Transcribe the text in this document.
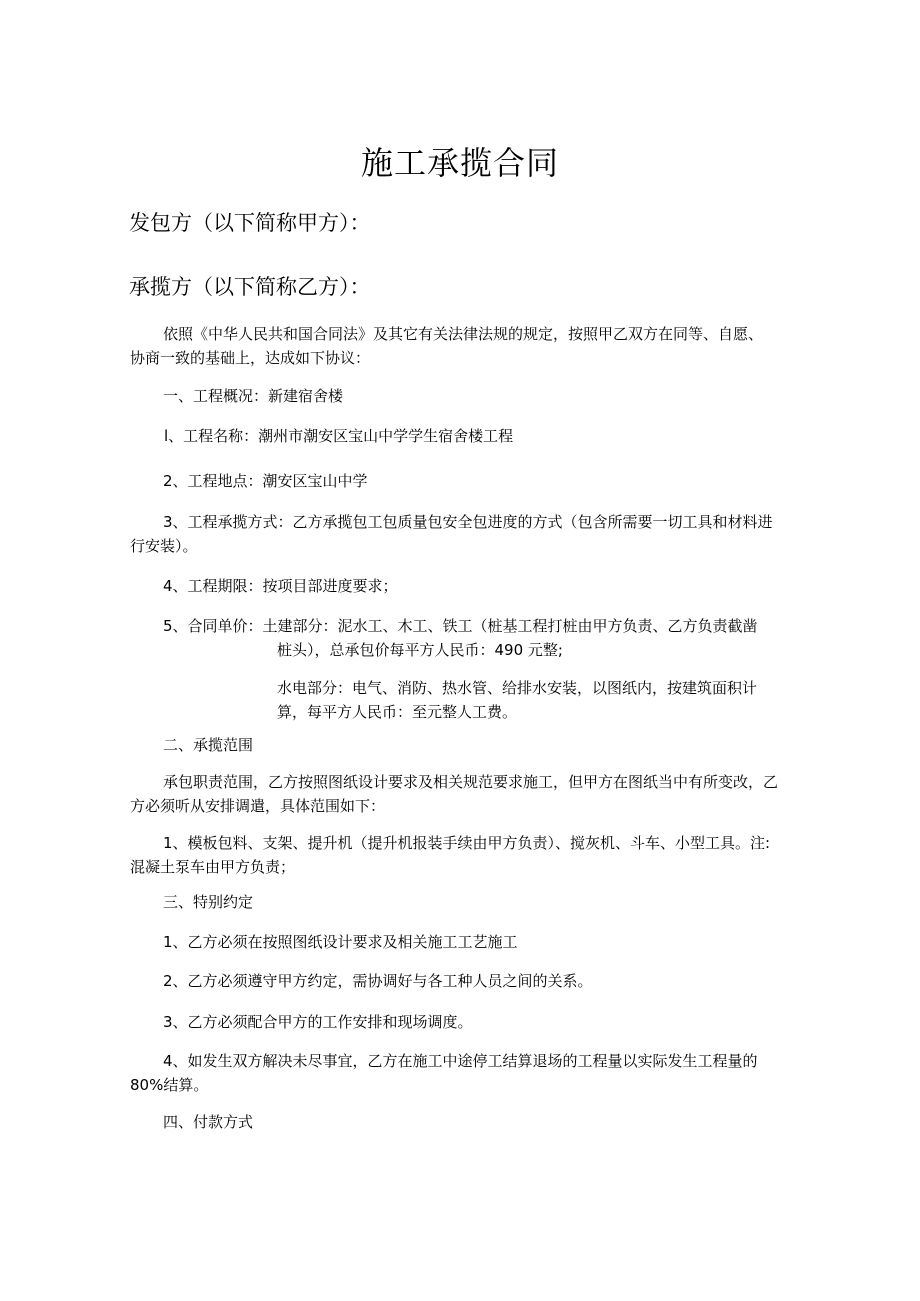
施工承揽合同

发包方（以下简称甲方）：

承揽方（以下简称乙方）：

依照《中华人民共和国合同法》及其它有关法律法规的规定，按照甲乙双方在同等、自愿、

协商一致的基础上，达成如下协议：

一、工程概况：新建宿舍楼

l、工程名称：潮州市潮安区宝山中学学生宿舍楼工程

2、工程地点：潮安区宝山中学

3、工程承揽方式：乙方承揽包工包质量包安全包进度的方式（包含所需要一切工具和材料进

行安装）。

4、工程期限：按项目部进度要求；

5、合同单价：土建部分：泥水工、木工、铁工（桩基工程打桩由甲方负责、乙方负责截凿

桩头），总承包价每平方人民币：490 元整;

水电部分：电气、消防、热水管、给排水安装，以图纸内，按建筑面积计

算，每平方人民币：至元整人工费。

二、承揽范围

承包职责范围，乙方按照图纸设计要求及相关规范要求施工，但甲方在图纸当中有所变改，乙

方必须听从安排调遣，具体范围如下：

1、模板包料、支架、提升机（提升机报装手续由甲方负责）、搅灰机、斗车、小型工具。注:

混凝土泵车由甲方负责；

三、特别约定

1、乙方必须在按照图纸设计要求及相关施工工艺施工

2、乙方必须遵守甲方约定，需协调好与各工种人员之间的关系。

3、乙方必须配合甲方的工作安排和现场调度。

4、如发生双方解决未尽事宜，乙方在施工中途停工结算退场的工程量以实际发生工程量的

80%结算。

四、付款方式
